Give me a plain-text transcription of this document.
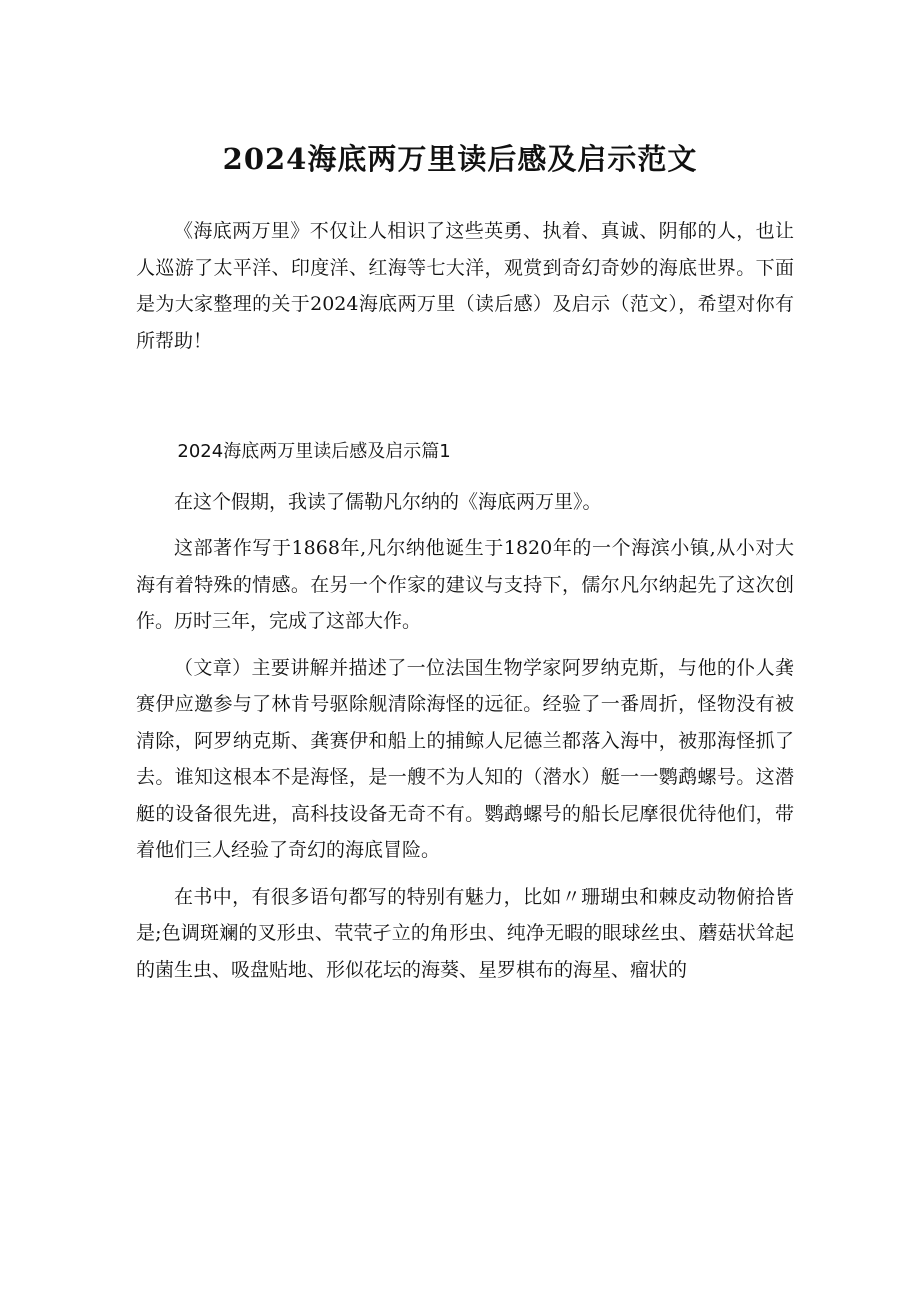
2024海底两万里读后感及启示范文

《海底两万里》不仅让人相识了这些英勇、执着、真诚、阴郁的人，也让人巡游了太平洋、印度洋、红海等七大洋，观赏到奇幻奇妙的海底世界。下面是为大家整理的关于2024海底两万里（读后感）及启示（范文），希望对你有所帮助！

2024海底两万里读后感及启示篇1

在这个假期，我读了儒勒凡尔纳的《海底两万里》。

这部著作写于1868年,凡尔纳他诞生于1820年的一个海滨小镇,从小对大海有着特殊的情感。在另一个作家的建议与支持下，儒尔凡尔纳起先了这次创作。历时三年，完成了这部大作。

（文章）主要讲解并描述了一位法国生物学家阿罗纳克斯，与他的仆人龚赛伊应邀参与了林肯号驱除舰清除海怪的远征。经验了一番周折，怪物没有被清除，阿罗纳克斯、龚赛伊和船上的捕鲸人尼德兰都落入海中，被那海怪抓了去。谁知这根本不是海怪，是一艘不为人知的（潜水）艇一一鹦鹉螺号。这潜艇的设备很先进，高科技设备无奇不有。鹦鹉螺号的船长尼摩很优待他们，带着他们三人经验了奇幻的海底冒险。

在书中，有很多语句都写的特别有魅力，比如〃珊瑚虫和棘皮动物俯拾皆是;色调斑斓的叉形虫、茕茕孑立的角形虫、纯净无暇的眼球丝虫、蘑菇状耸起的菌生虫、吸盘贴地、形似花坛的海葵、星罗棋布的海星、瘤状的
